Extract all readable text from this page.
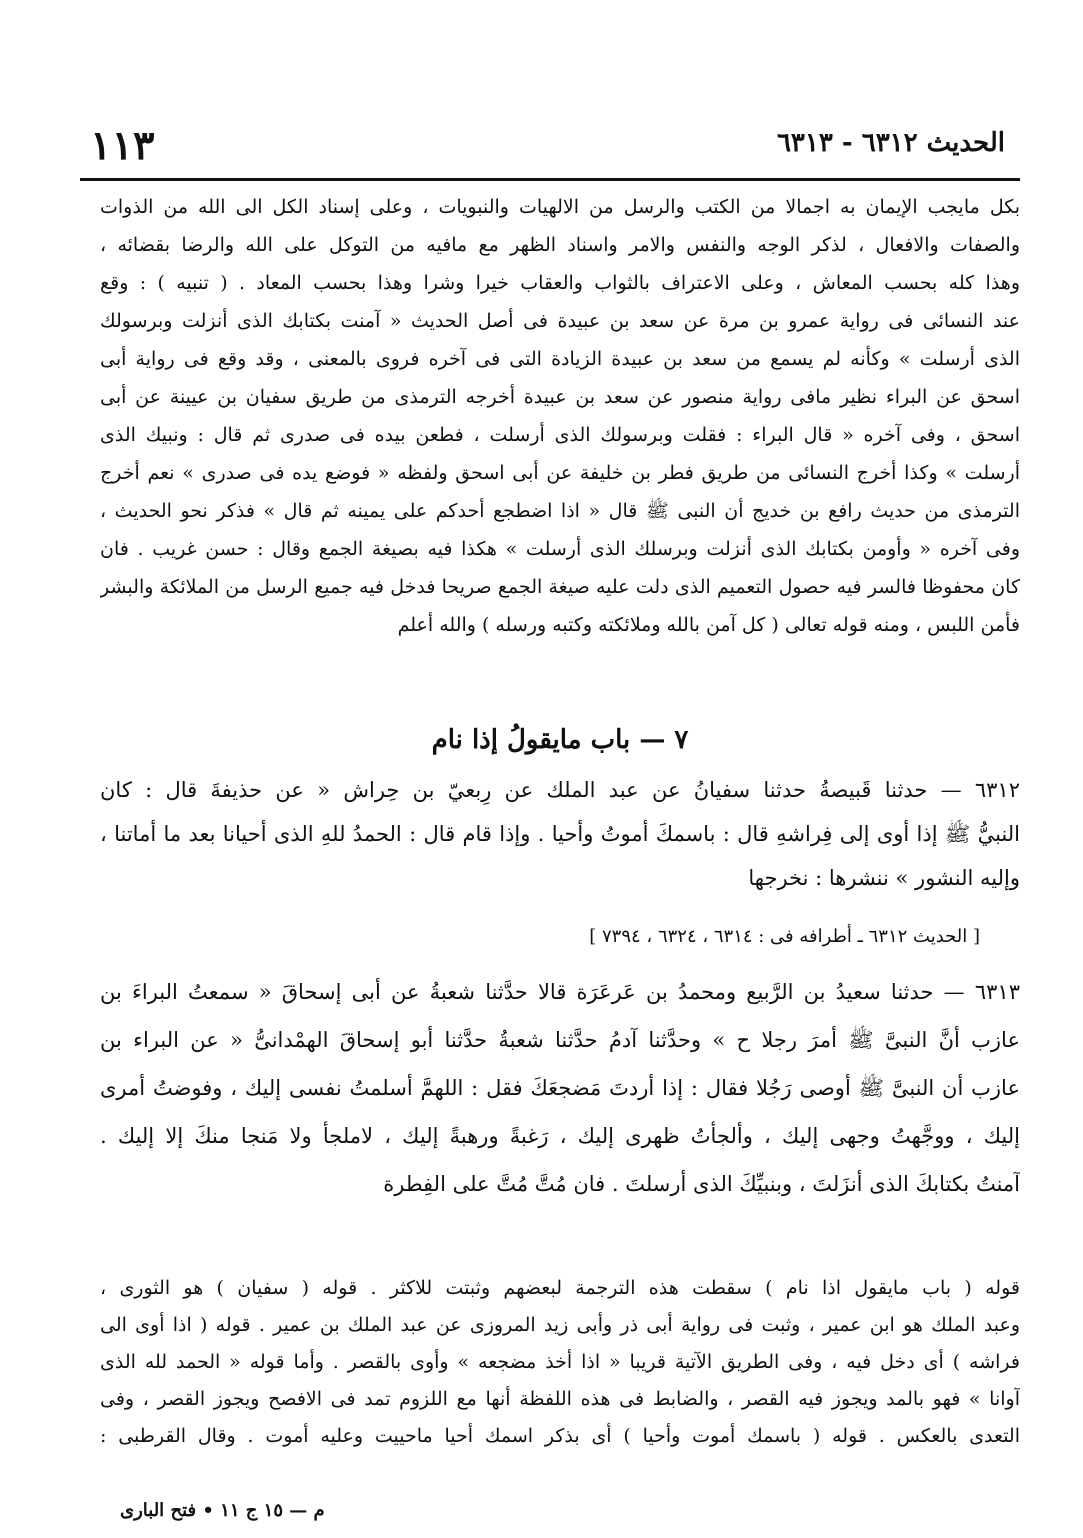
الحديث ٦٣١٢ - ٦٣١٣
١١٣
بكل مايجب الإيمان به اجمالا من الكتب والرسل من الالهيات والنبويات ، وعلى إسناد الكل الى الله من الذوات
والصفات والافعال ، لذكر الوجه والنفس والامر واسناد الظهر مع مافيه من التوكل على الله والرضا بقضائه ،
وهذا كله بحسب المعاش ، وعلى الاعتراف بالثواب والعقاب خيرا وشرا وهذا بحسب المعاد . ( تنبيه ) : وقع
عند النسائى فى رواية عمرو بن مرة عن سعد بن عبيدة فى أصل الحديث « آمنت بكتابك الذى أنزلت وبرسولك
الذى أرسلت » وكأنه لم يسمع من سعد بن عبيدة الزيادة التى فى آخره فروى بالمعنى ، وقد وقع فى رواية أبى
اسحق عن البراء نظير مافى رواية منصور عن سعد بن عبيدة أخرجه الترمذى من طريق سفيان بن عيينة عن أبى
اسحق ، وفى آخره « قال البراء : فقلت وبرسولك الذى أرسلت ، فطعن بيده فى صدرى ثم قال : ونبيك الذى
أرسلت » وكذا أخرج النسائى من طريق فطر بن خليفة عن أبى اسحق ولفظه « فوضع يده فى صدرى » نعم أخرج
الترمذى من حديث رافع بن خديج أن النبى ﷺ قال « اذا اضطجع أحدكم على يمينه ثم قال » فذكر نحو الحديث ،
وفى آخره « وأومن بكتابك الذى أنزلت وبرسلك الذى أرسلت » هكذا فيه بصيغة الجمع وقال : حسن غريب . فان
كان محفوظا فالسر فيه حصول التعميم الذى دلت عليه صيغة الجمع صريحا فدخل فيه جميع الرسل من الملائكة والبشر
فأمن اللبس ، ومنه قوله تعالى ( كل آمن بالله وملائكته وكتبه ورسله ) والله أعلم
٧ — باب مايقولُ إذا نام
٦٣١٢ — حدثنا قَبيصةُ حدثنا سفيانُ عن عبد الملك عن رِبعيّ بن حِراش « عن حذيفةَ قال : كان
النبيُّ ﷺ إذا أوى إلى فِراشهِ قال : باسمكَ أموتُ وأحيا . وإذا قام قال : الحمدُ للهِ الذى أحيانا بعد ما أماتنا ،
وإليه النشور » ننشرها : نخرجها
[ الحديث ٦٣١٢ ـ أطرافه فى : ٦٣١٤ ، ٦٣٢٤ ، ٧٣٩٤ ]
٦٣١٣ — حدثنا سعيدُ بن الرَّبيع ومحمدُ بن عَرعَرَة قالا حدَّثنا شعبةُ عن أبى إسحاقَ « سمعتُ البراءَ بن
عازب أنَّ النبىَّ ﷺ أمرَ رجلا ح » وحدَّثنا آدمُ حدَّثنا شعبةُ حدَّثنا أبو إسحاقَ الهمْدانىُّ « عن البراء بن
عازب أن النبىَّ ﷺ أوصى رَجُلا فقال : إذا أردتَ مَضجعَكَ فقل : اللهمَّ أسلمتُ نفسى إليك ، وفوضتُ أمرى
إليك ، ووجَّهتُ وجهى إليك ، وألجأتُ ظهرى إليك ، رَغبةً ورهبةً إليك ، لاملجأ ولا مَنجا منكَ إلا إليك .
آمنتُ بكتابكَ الذى أنزَلتَ ، وبنبيِّكَ الذى أرسلتَ . فان مُتَّ مُتَّ على الفِطرة
قوله ( باب مايقول اذا نام ) سقطت هذه الترجمة لبعضهم وثبتت للاكثر . قوله ( سفيان ) هو الثورى ،
وعبد الملك هو ابن عمير ، وثبت فى رواية أبى ذر وأبى زيد المروزى عن عبد الملك بن عمير . قوله ( اذا أوى الى
فراشه ) أى دخل فيه ، وفى الطريق الآتية قريبا « اذا أخذ مضجعه » وأوى بالقصر . وأما قوله « الحمد لله الذى
آوانا » فهو بالمد ويجوز فيه القصر ، والضابط فى هذه اللفظة أنها مع اللزوم تمد فى الافصح ويجوز القصر ، وفى
التعدى بالعكس . قوله ( باسمك أموت وأحيا ) أى بذكر اسمك أحيا ماحييت وعليه أموت . وقال القرطبى :
م — ١٥ ج ١١ • فتح البارى
